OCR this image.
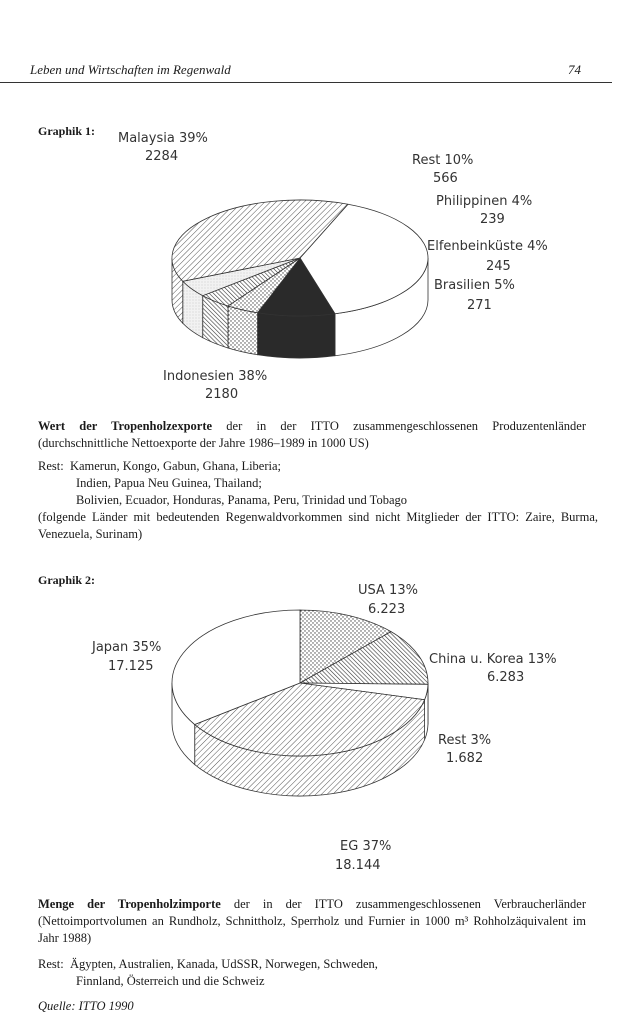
Leben und Wirtschaften im Regenwald	74
Graphik 1: Malaysia 39%
2284	Rest 10%
566
Philippinen 4%
239
Elfenbeinküste 4%
245
Brasilien 5%
271
Indonesien 38%
2180
Wert der Tropenholzexporte der in der ITTO zusammengeschlossenen Produzentenländer (durchschnittliche Nettoexporte der Jahre 1986–1989 in 1000 US)
Rest: Kamerun, Kongo, Gabun, Ghana, Liberia;
Indien, Papua Neu Guinea, Thailand;
Bolivien, Ecuador, Honduras, Panama, Peru, Trinidad und Tobago
(folgende Länder mit bedeutenden Regenwaldvorkommen sind nicht Mitglieder der ITTO: Zaire, Burma, Venezuela, Surinam)
Graphik 2:
USA 13%
6.223
China u. Korea 13%
6.283
Rest 3%
1.682
Japan 35%
17.125
EG 37%
18.144
Menge der Tropenholzimporte der in der ITTO zusammengeschlossenen Verbraucherländer (Nettoimportvolumen an Rundholz, Schnittholz, Sperrholz und Furnier in 1000 m³ Rohholzäquivalent im Jahr 1988)
Rest: Ägypten, Australien, Kanada, UdSSR, Norwegen, Schweden,
Finnland, Österreich und die Schweiz
Quelle: ITTO 1990
